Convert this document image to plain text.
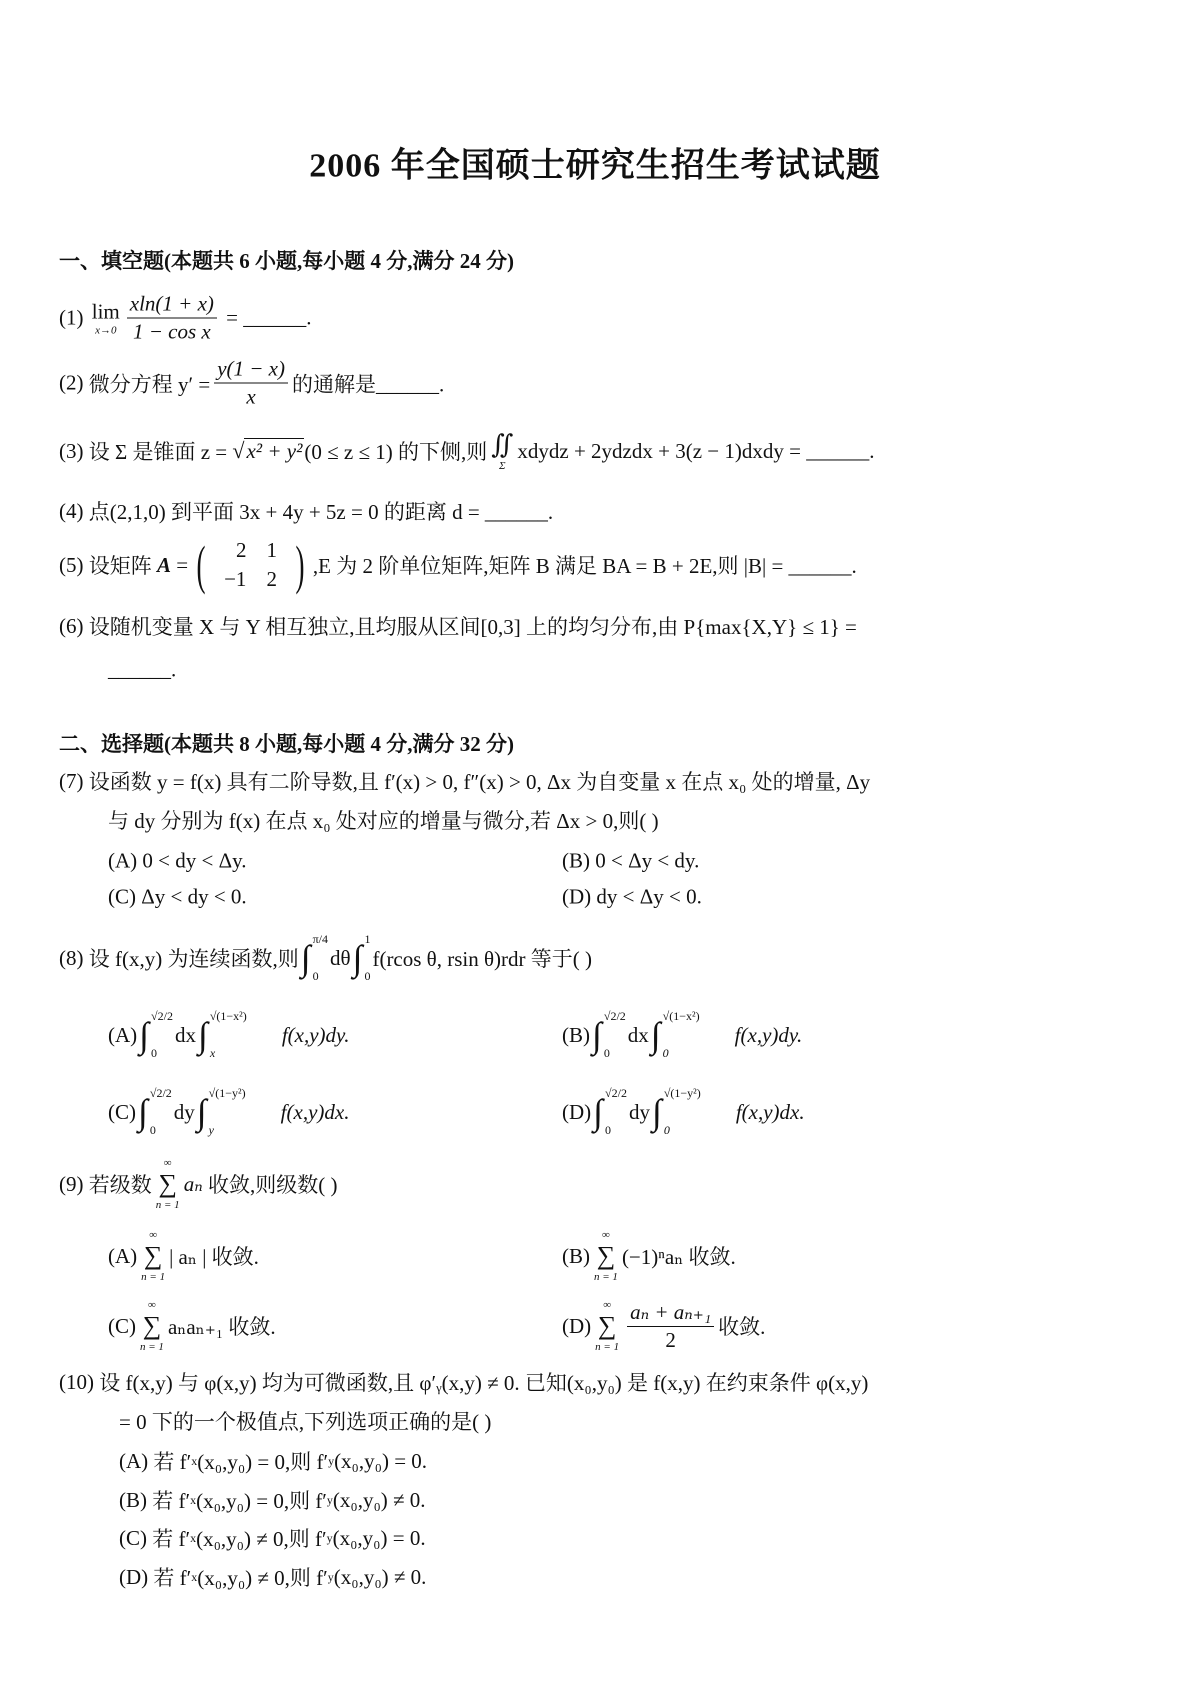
2006 年全国硕士研究生招生考试试题
一、填空题(本题共 6 小题,每小题 4 分,满分 24 分)
(1)
lim
$x\to 0 \frac{xln(1 + x)}{\text{1 − cos x}}$
= ______.
(2)
微分方程 $y' = \frac{y(1 - x)}{x}$ 的通解是______.
(3)
设 Σ 是锥面 z =
√ x² + y² (0 ≤ z ≤ 1) 的下侧,则 ∬
Σ
xdydz + 2ydzdx + 3(z − 1)dxdy = ______.
(4)
点(2,1,0) 到平面 3x + 4y + 5z = 0 的距离 d = ______.
(5)
设矩阵
A
= ( 2	1
−1	2 ) ,E 为 2 阶单位矩阵,矩阵 B 满足 BA = B + 2E,则 |B| = ______.
(6)
设随机变量 X 与 Y 相互独立,且均服从区间[0,3] 上的均匀分布,由 P{max{X,Y} ≤ 1} =
______.
二、选择题(本题共 8 小题,每小题 4 分,满分 32 分)
(7)
设函数 y = f(x) 具有二阶导数,且 f′(x) > 0, f″(x) > 0, Δx 为自变量 x 在点 x₀ 处的增量, Δy
与 dy 分别为 f(x) 在点 x₀ 处对应的增量与微分,若 Δx > 0,则( )
(A) 0 < dy < Δy.	(B) 0 < Δy < dy.
(C) Δy < dy < 0.	(D) dy < Δy < 0.
(8)
设 f(x,y) 为连续函数,则 ∫ π/4
0
dθ ∫ 1
0
f(rcos θ, rsin θ)rdr 等于( )
(A) ∫ √2/2
0
dx ∫ √(1−x²)
x
f(x,y)dy.	(B) ∫ √2/2
0
dx ∫ √(1−x²)
0
f(x,y)dy.
(C) ∫ √2/2
0
dy ∫ √(1−y²)
y
f(x,y)dx.	(D) ∫ √2/2
0
dy ∫ √(1−y²)
0
f(x,y)dx.
(9)
若级数
∞
∑
n = 1
aₙ
收敛,则级数( )
(A)
∞
∑
n = 1
| aₙ | 收敛.	(B)
∞
∑
n = 1
(−1)ⁿaₙ 收敛.
(C)
∞
∑
n = 1
aₙaₙ₊₁ 收敛.	(D)
∞
∑
$n = 1 \frac{\text{aₙ + aₙ₊₁}}{2}$ 收敛.
(10)
设 f(x,y) 与 φ(x,y) 均为可微函数,且 φ′ᵧ(x,y) ≠ 0. 已知(x₀,y₀) 是 f(x,y) 在约束条件 φ(x,y)
= 0 下的一个极值点,下列选项正确的是( )
(A)
若 f′ x (x₀,y₀) = 0,则 f′ y (x₀,y₀) = 0.
(B)
若 f′ x (x₀,y₀) = 0,则 f′ y (x₀,y₀) ≠ 0.
(C)
若 f′ x (x₀,y₀) ≠ 0,则 f′ y (x₀,y₀) = 0.
(D)
若 f′ x (x₀,y₀) ≠ 0,则 f′ y (x₀,y₀) ≠ 0.
